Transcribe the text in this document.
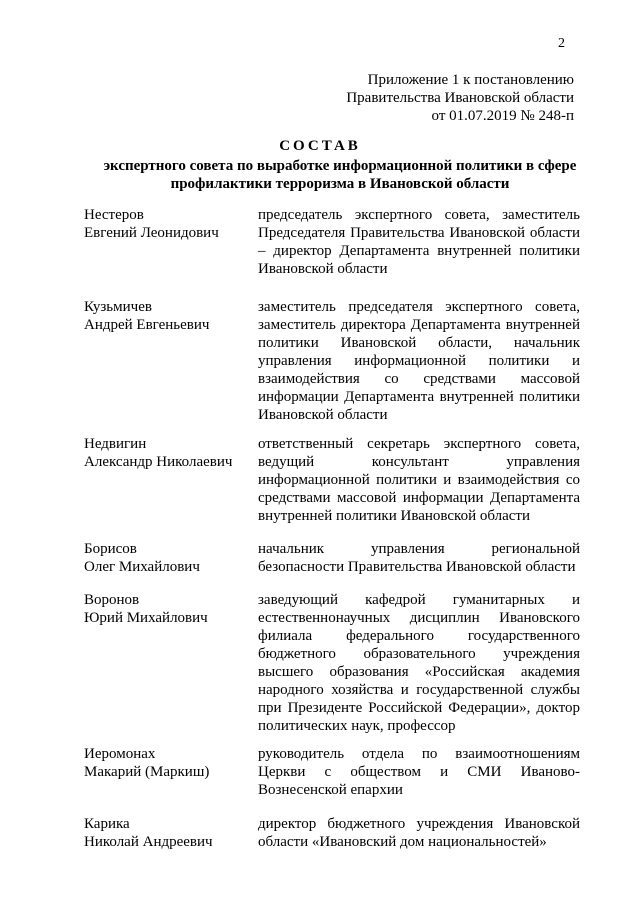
2
Приложение 1 к постановлению
Правительства Ивановской области
от 01.07.2019 № 248-п
СОСТАВ
экспертного совета по выработке информационной политики в сфере профилактики терроризма в Ивановской области
Нестеров
Евгений Леонидович
председатель экспертного совета, заместитель Председателя Правительства Ивановской области – директор Департамента внутренней политики Ивановской области
Кузьмичев
Андрей Евгеньевич
заместитель председателя экспертного совета, заместитель директора Департамента внутренней политики Ивановской области, начальник управления информационной политики и взаимодействия со средствами массовой информации Департамента внутренней политики Ивановской области
Недвигин
Александр Николаевич
ответственный секретарь экспертного совета, ведущий консультант управления информационной политики и взаимодействия со средствами массовой информации Департамента внутренней политики Ивановской области
Борисов
Олег Михайлович
начальник управления региональной безопасности Правительства Ивановской области
Воронов
Юрий Михайлович
заведующий кафедрой гуманитарных и естественнонаучных дисциплин Ивановского филиала федерального государственного бюджетного образовательного учреждения высшего образования «Российская академия народного хозяйства и государственной службы при Президенте Российской Федерации», доктор политических наук, профессор
Иеромонах
Макарий (Маркиш)
руководитель отдела по взаимоотношениям Церкви с обществом и СМИ Иваново-Вознесенской епархии
Карика
Николай Андреевич
директор бюджетного учреждения Ивановской области «Ивановский дом национальностей»
